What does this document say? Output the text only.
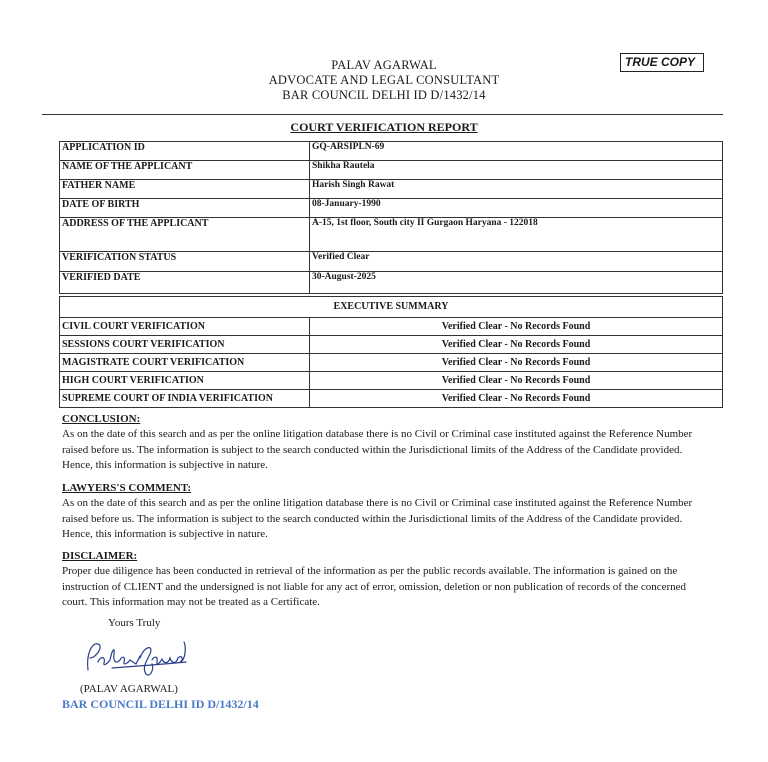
PALAV AGARWAL
ADVOCATE AND LEGAL CONSULTANT
BAR COUNCIL DELHI ID D/1432/14
TRUE COPY
COURT VERIFICATION REPORT
APPLICATION ID	GQ-ARSIPLN-69
NAME OF THE APPLICANT	Shikha Rautela
FATHER NAME	Harish Singh Rawat
DATE OF BIRTH	08-January-1990
ADDRESS OF THE APPLICANT	A-15, 1st floor, South city II Gurgaon Haryana - 122018
VERIFICATION STATUS	Verified Clear
VERIFIED DATE	30-August-2025
EXECUTIVE SUMMARY	
CIVIL COURT VERIFICATION	Verified Clear - No Records Found
SESSIONS COURT VERIFICATION	Verified Clear - No Records Found
MAGISTRATE COURT VERIFICATION	Verified Clear - No Records Found
HIGH COURT VERIFICATION	Verified Clear - No Records Found
SUPREME COURT OF INDIA VERIFICATION	Verified Clear - No Records Found
CONCLUSION:
As on the date of this search and as per the online litigation database there is no Civil or Criminal case instituted against the Reference Number raised before us. The information is subject to the search conducted within the Jurisdictional limits of the Address of the Candidate provided. Hence, this information is subjective in nature.
LAWYERS'S COMMENT:
As on the date of this search and as per the online litigation database there is no Civil or Criminal case instituted against the Reference Number raised before us. The information is subject to the search conducted within the Jurisdictional limits of the Address of the Candidate provided. Hence, this information is subjective in nature.
DISCLAIMER:
Proper due diligence has been conducted in retrieval of the information as per the public records available. The information is gained on the instruction of CLIENT and the undersigned is not liable for any act of error, omission, deletion or non publication of records of the concerned court. This information may not be treated as a Certificate.
Yours Truly
(PALAV AGARWAL)
BAR COUNCIL DELHI ID D/1432/14
